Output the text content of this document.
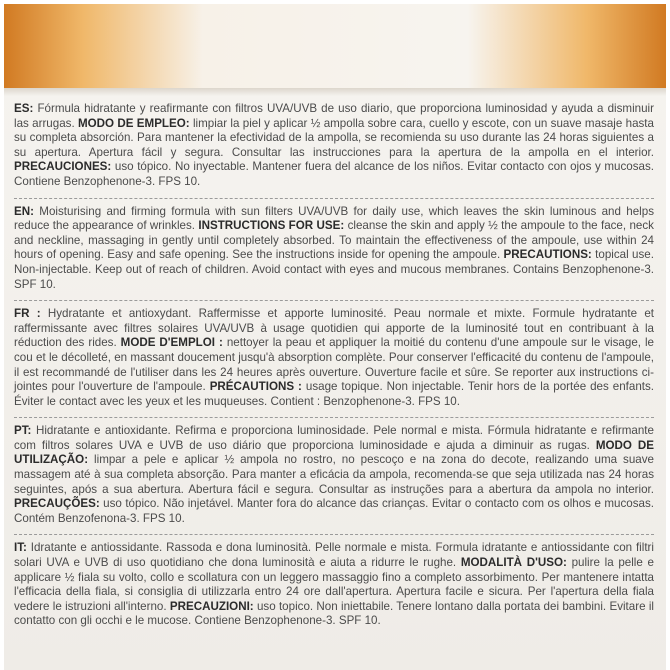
ES: Fórmula hidratante y reafirmante con filtros UVA/UVB de uso diario, que proporciona luminosidad y ayuda a disminuir las arrugas. MODO DE EMPLEO: limpiar la piel y aplicar ½ ampolla sobre cara, cuello y escote, con un suave masaje hasta su completa absorción. Para mantener la efectividad de la ampolla, se recomienda su uso durante las 24 horas siguientes a su apertura. Apertura fácil y segura. Consultar las instrucciones para la apertura de la ampolla en el interior. PRECAUCIONES: uso tópico. No inyectable. Mantener fuera del alcance de los niños. Evitar contacto con ojos y mucosas. Contiene Benzophenone-3. FPS 10.

EN: Moisturising and firming formula with sun filters UVA/UVB for daily use, which leaves the skin luminous and helps reduce the appearance of wrinkles. INSTRUCTIONS FOR USE: cleanse the skin and apply ½ the ampoule to the face, neck and neckline, massaging in gently until completely absorbed. To maintain the effectiveness of the ampoule, use within 24 hours of opening. Easy and safe opening. See the instructions inside for opening the ampoule. PRECAUTIONS: topical use. Non-injectable. Keep out of reach of children. Avoid contact with eyes and mucous membranes. Contains Benzophenone-3. SPF 10.

FR : Hydratante et antioxydant. Raffermisse et apporte luminosité. Peau normale et mixte. Formule hydratante et raffermissante avec filtres solaires UVA/UVB à usage quotidien qui apporte de la luminosité tout en contribuant à la réduction des rides. MODE D'EMPLOI : nettoyer la peau et appliquer la moitié du contenu d'une ampoule sur le visage, le cou et le décolleté, en massant doucement jusqu'à absorption complète. Pour conserver l'efficacité du contenu de l'ampoule, il est recommandé de l'utiliser dans les 24 heures après ouverture. Ouverture facile et sûre. Se reporter aux instructions ci-jointes pour l'ouverture de l'ampoule. PRÉCAUTIONS : usage topique. Non injectable. Tenir hors de la portée des enfants. Éviter le contact avec les yeux et les muqueuses. Contient : Benzophenone-3. FPS 10.

PT: Hidratante e antioxidante. Refirma e proporciona luminosidade. Pele normal e mista. Fórmula hidratante e refirmante com filtros solares UVA e UVB de uso diário que proporciona luminosidade e ajuda a diminuir as rugas. MODO DE UTILIZAÇÃO: limpar a pele e aplicar ½ ampola no rostro, no pescoço e na zona do decote, realizando uma suave massagem até à sua completa absorção. Para manter a eficácia da ampola, recomenda-se que seja utilizada nas 24 horas seguintes, após a sua abertura. Abertura fácil e segura. Consultar as instruções para a abertura da ampola no interior. PRECAUÇÕES: uso tópico. Não injetável. Manter fora do alcance das crianças. Evitar o contacto com os olhos e mucosas. Contém Benzofenona-3. FPS 10.

IT: Idratante e antiossidante. Rassoda e dona luminosità. Pelle normale e mista. Formula idratante e antiossidante con filtri solari UVA e UVB di uso quotidiano che dona luminosità e aiuta a ridurre le rughe. MODALITÀ D'USO: pulire la pelle e applicare ½ fiala su volto, collo e scollatura con un leggero massaggio fino a completo assorbimento. Per mantenere intatta l'efficacia della fiala, si consiglia di utilizzarla entro 24 ore dall'apertura. Apertura facile e sicura. Per l'apertura della fiala vedere le istruzioni all'interno. PRECAUZIONI: uso topico. Non iniettabile. Tenere lontano dalla portata dei bambini. Evitare il contatto con gli occhi e le mucose. Contiene Benzophenone-3. SPF 10.
